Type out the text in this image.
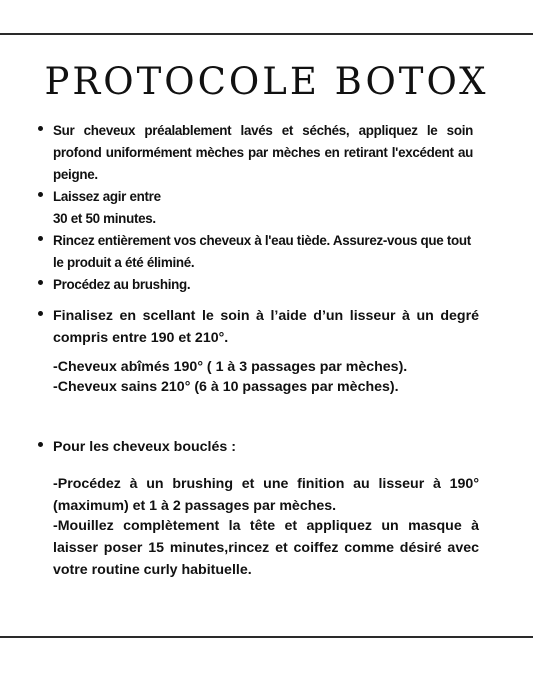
PROTOCOLE BOTOX
Sur cheveux préalablement lavés et séchés, appliquez le soin profond uniformément mèches par mèches en retirant l'excédent au peigne.
Laissez agir entre
30 et 50 minutes.
Rincez entièrement vos cheveux à l'eau tiède. Assurez-vous que tout le produit a été éliminé.
Procédez au brushing.
Finalisez en scellant le soin à l’aide d’un lisseur à un degré compris entre 190 et 210°.
-Cheveux abîmés 190° ( 1 à 3 passages par mèches).
-Cheveux sains 210° (6 à 10 passages par mèches).
Pour les cheveux bouclés :
-Procédez à un brushing et une finition au lisseur à 190° (maximum) et 1 à 2 passages par mèches.
-Mouillez complètement la tête et appliquez un masque à laisser poser 15 minutes,rincez et coiffez comme désiré avec votre routine curly habituelle.
